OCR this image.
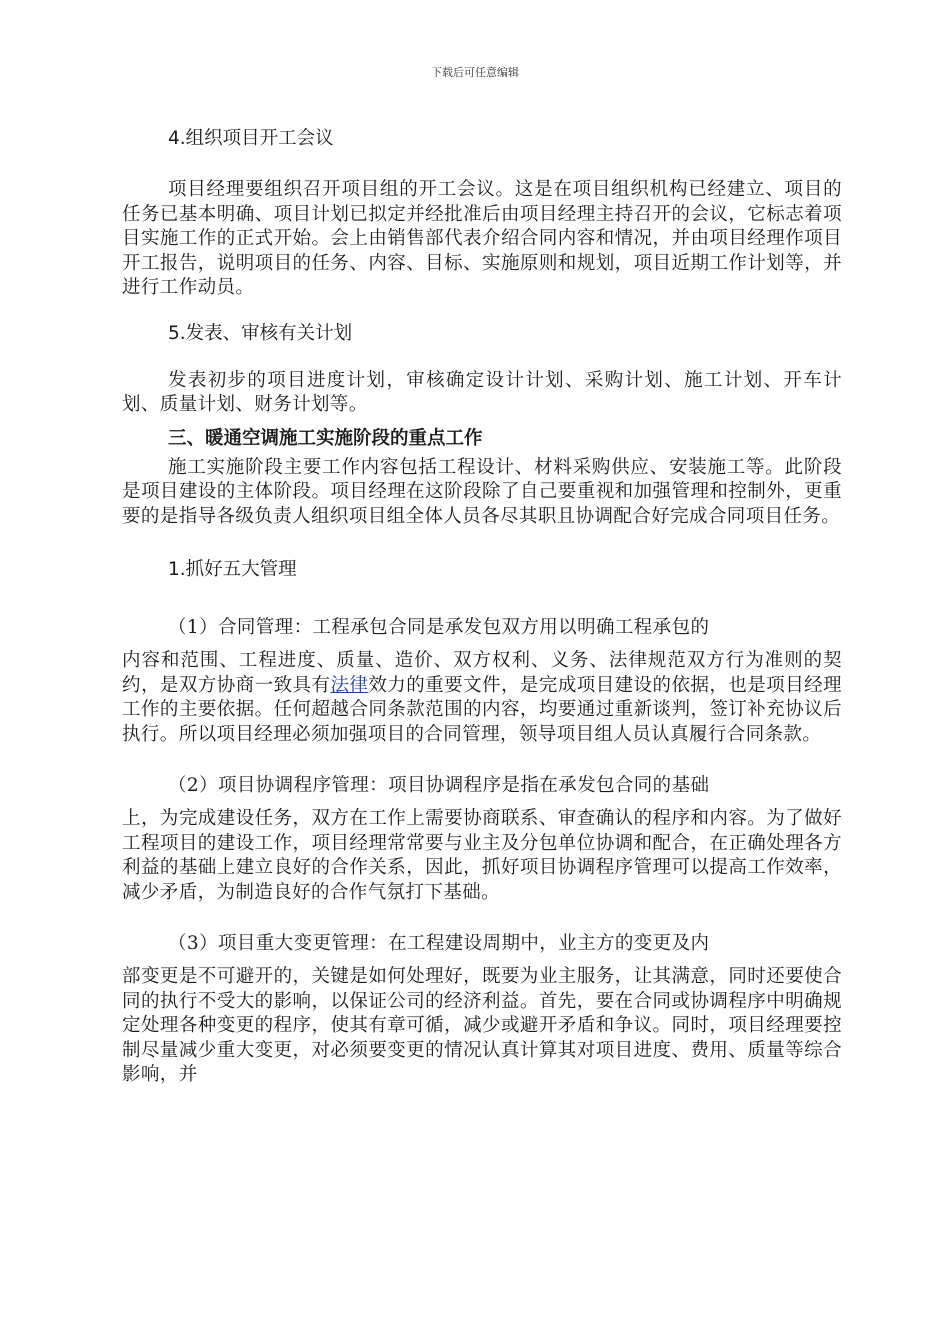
下载后可任意编辑

4.组织项目开工会议

项目经理要组织召开项目组的开工会议。这是在项目组织机构已经建立、项目的任务已基本明确、项目计划已拟定并经批准后由项目经理主持召开的会议，它标志着项目实施工作的正式开始。会上由销售部代表介绍合同内容和情况，并由项目经理作项目开工报告，说明项目的任务、内容、目标、实施原则和规划，项目近期工作计划等，并进行工作动员。

5.发表、审核有关计划

发表初步的项目进度计划，审核确定设计计划、采购计划、施工计划、开车计划、质量计划、财务计划等。

三、暖通空调施工实施阶段的重点工作

施工实施阶段主要工作内容包括工程设计、材料采购供应、安装施工等。此阶段是项目建设的主体阶段。项目经理在这阶段除了自己要重视和加强管理和控制外，更重要的是指导各级负责人组织项目组全体人员各尽其职且协调配合好完成合同项目任务。

1.抓好五大管理

（1）合同管理：工程承包合同是承发包双方用以明确工程承包的

内容和范围、工程进度、质量、造价、双方权利、义务、法律规范双方行为准则的契约，是双方协商一致具有法律效力的重要文件，是完成项目建设的依据，也是项目经理工作的主要依据。任何超越合同条款范围的内容，均要通过重新谈判，签订补充协议后执行。所以项目经理必须加强项目的合同管理，领导项目组人员认真履行合同条款。

（2）项目协调程序管理：项目协调程序是指在承发包合同的基础

上，为完成建设任务，双方在工作上需要协商联系、审查确认的程序和内容。为了做好工程项目的建设工作，项目经理常常要与业主及分包单位协调和配合，在正确处理各方利益的基础上建立良好的合作关系，因此，抓好项目协调程序管理可以提高工作效率，减少矛盾，为制造良好的合作气氛打下基础。

（3）项目重大变更管理：在工程建设周期中，业主方的变更及内

部变更是不可避开的，关键是如何处理好，既要为业主服务，让其满意，同时还要使合同的执行不受大的影响，以保证公司的经济利益。首先，要在合同或协调程序中明确规定处理各种变更的程序，使其有章可循，减少或避开矛盾和争议。同时，项目经理要控制尽量减少重大变更，对必须要变更的情况认真计算其对项目进度、费用、质量等综合影响，并
